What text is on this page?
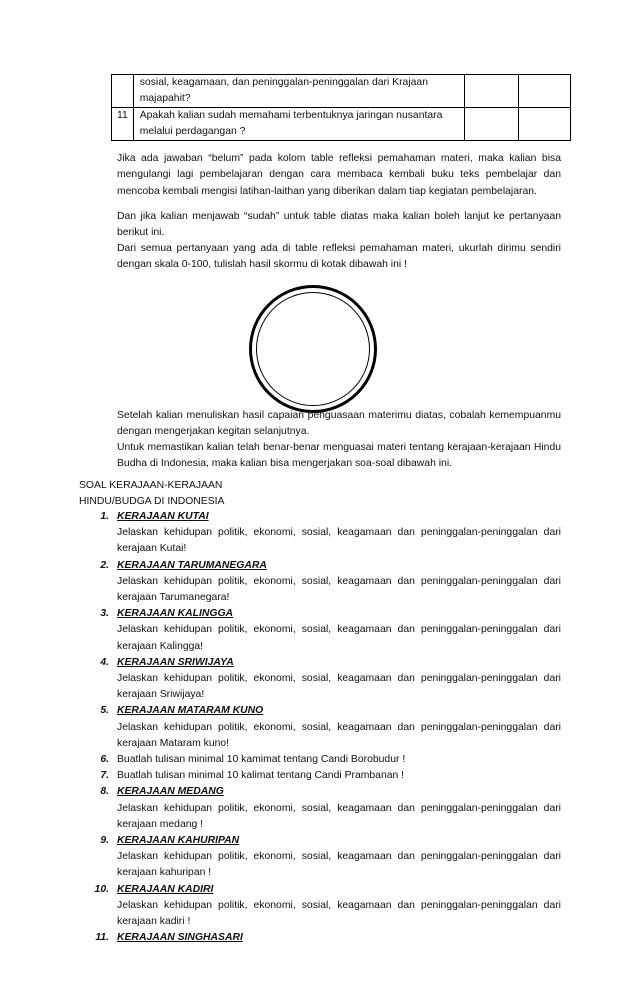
	sosial, keagamaan, dan peninggalan-peninggalan dari Krajaan majapahit?		
11	Apakah kalian sudah memahami terbentuknya jaringan nusantara melalui perdagangan ?		

Jika ada jawaban “belum” pada kolom table refleksi pemahaman materi, maka kalian bisa mengulangi lagi pembelajaran dengan cara membaca kembali buku teks pembelajar dan mencoba kembali mengisi latihan-laithan yang diberikan dalam tiap kegiatan pembelajaran.

Dan jika kalian menjawab “sudah” untuk table diatas maka kalian boleh lanjut ke pertanyaan berikut ini.

Dari semua pertanyaan yang ada di table refleksi pemahaman materi, ukurlah dirimu sendiri dengan skala 0-100, tulislah hasil skormu di kotak dibawah ini !

Setelah kalian menuliskan hasil capaian penguasaan materimu diatas, cobalah kemempuanmu dengan mengerjakan kegitan selanjutnya.

Untuk memastikan kalian telah benar-benar menguasai materi tentang kerajaan-kerajaan Hindu Budha di Indonesia, maka kalian bisa mengerjakan soa-soal dibawah ini.

SOAL KERAJAAN-KERAJAAN

HINDU/BUDGA DI INDONESIA

1. KERAJAAN KUTAI
Jelaskan kehidupan politik, ekonomi, sosial, keagamaan dan peninggalan-peninggalan dari kerajaan Kutai!
2. KERAJAAN TARUMANEGARA
Jelaskan kehidupan politik, ekonomi, sosial, keagamaan dan peninggalan-peninggalan dari kerajaan Tarumanegara!
3. KERAJAAN KALINGGA
Jelaskan kehidupan politik, ekonomi, sosial, keagamaan dan peninggalan-peninggalan dari kerajaan Kalingga!
4. KERAJAAN SRIWIJAYA
Jelaskan kehidupan politik, ekonomi, sosial, keagamaan dan peninggalan-peninggalan dari kerajaan Sriwijaya!
5. KERAJAAN MATARAM KUNO
Jelaskan kehidupan politik, ekonomi, sosial, keagamaan dan peninggalan-peninggalan dari kerajaan Mataram kuno!
6. Buatlah tulisan minimal 10 kamimat tentang Candi Borobudur !
7. Buatlah tulisan minimal 10 kalimat tentang Candi Prambanan !
8. KERAJAAN MEDANG
Jelaskan kehidupan politik, ekonomi, sosial, keagamaan dan peninggalan-peninggalan dari kerajaan medang !
9. KERAJAAN KAHURIPAN
Jelaskan kehidupan politik, ekonomi, sosial, keagamaan dan peninggalan-peninggalan dari kerajaan kahuripan !
10. KERAJAAN KADIRI
Jelaskan kehidupan politik, ekonomi, sosial, keagamaan dan peninggalan-peninggalan dari kerajaan kadiri !
11. KERAJAAN SINGHASARI
